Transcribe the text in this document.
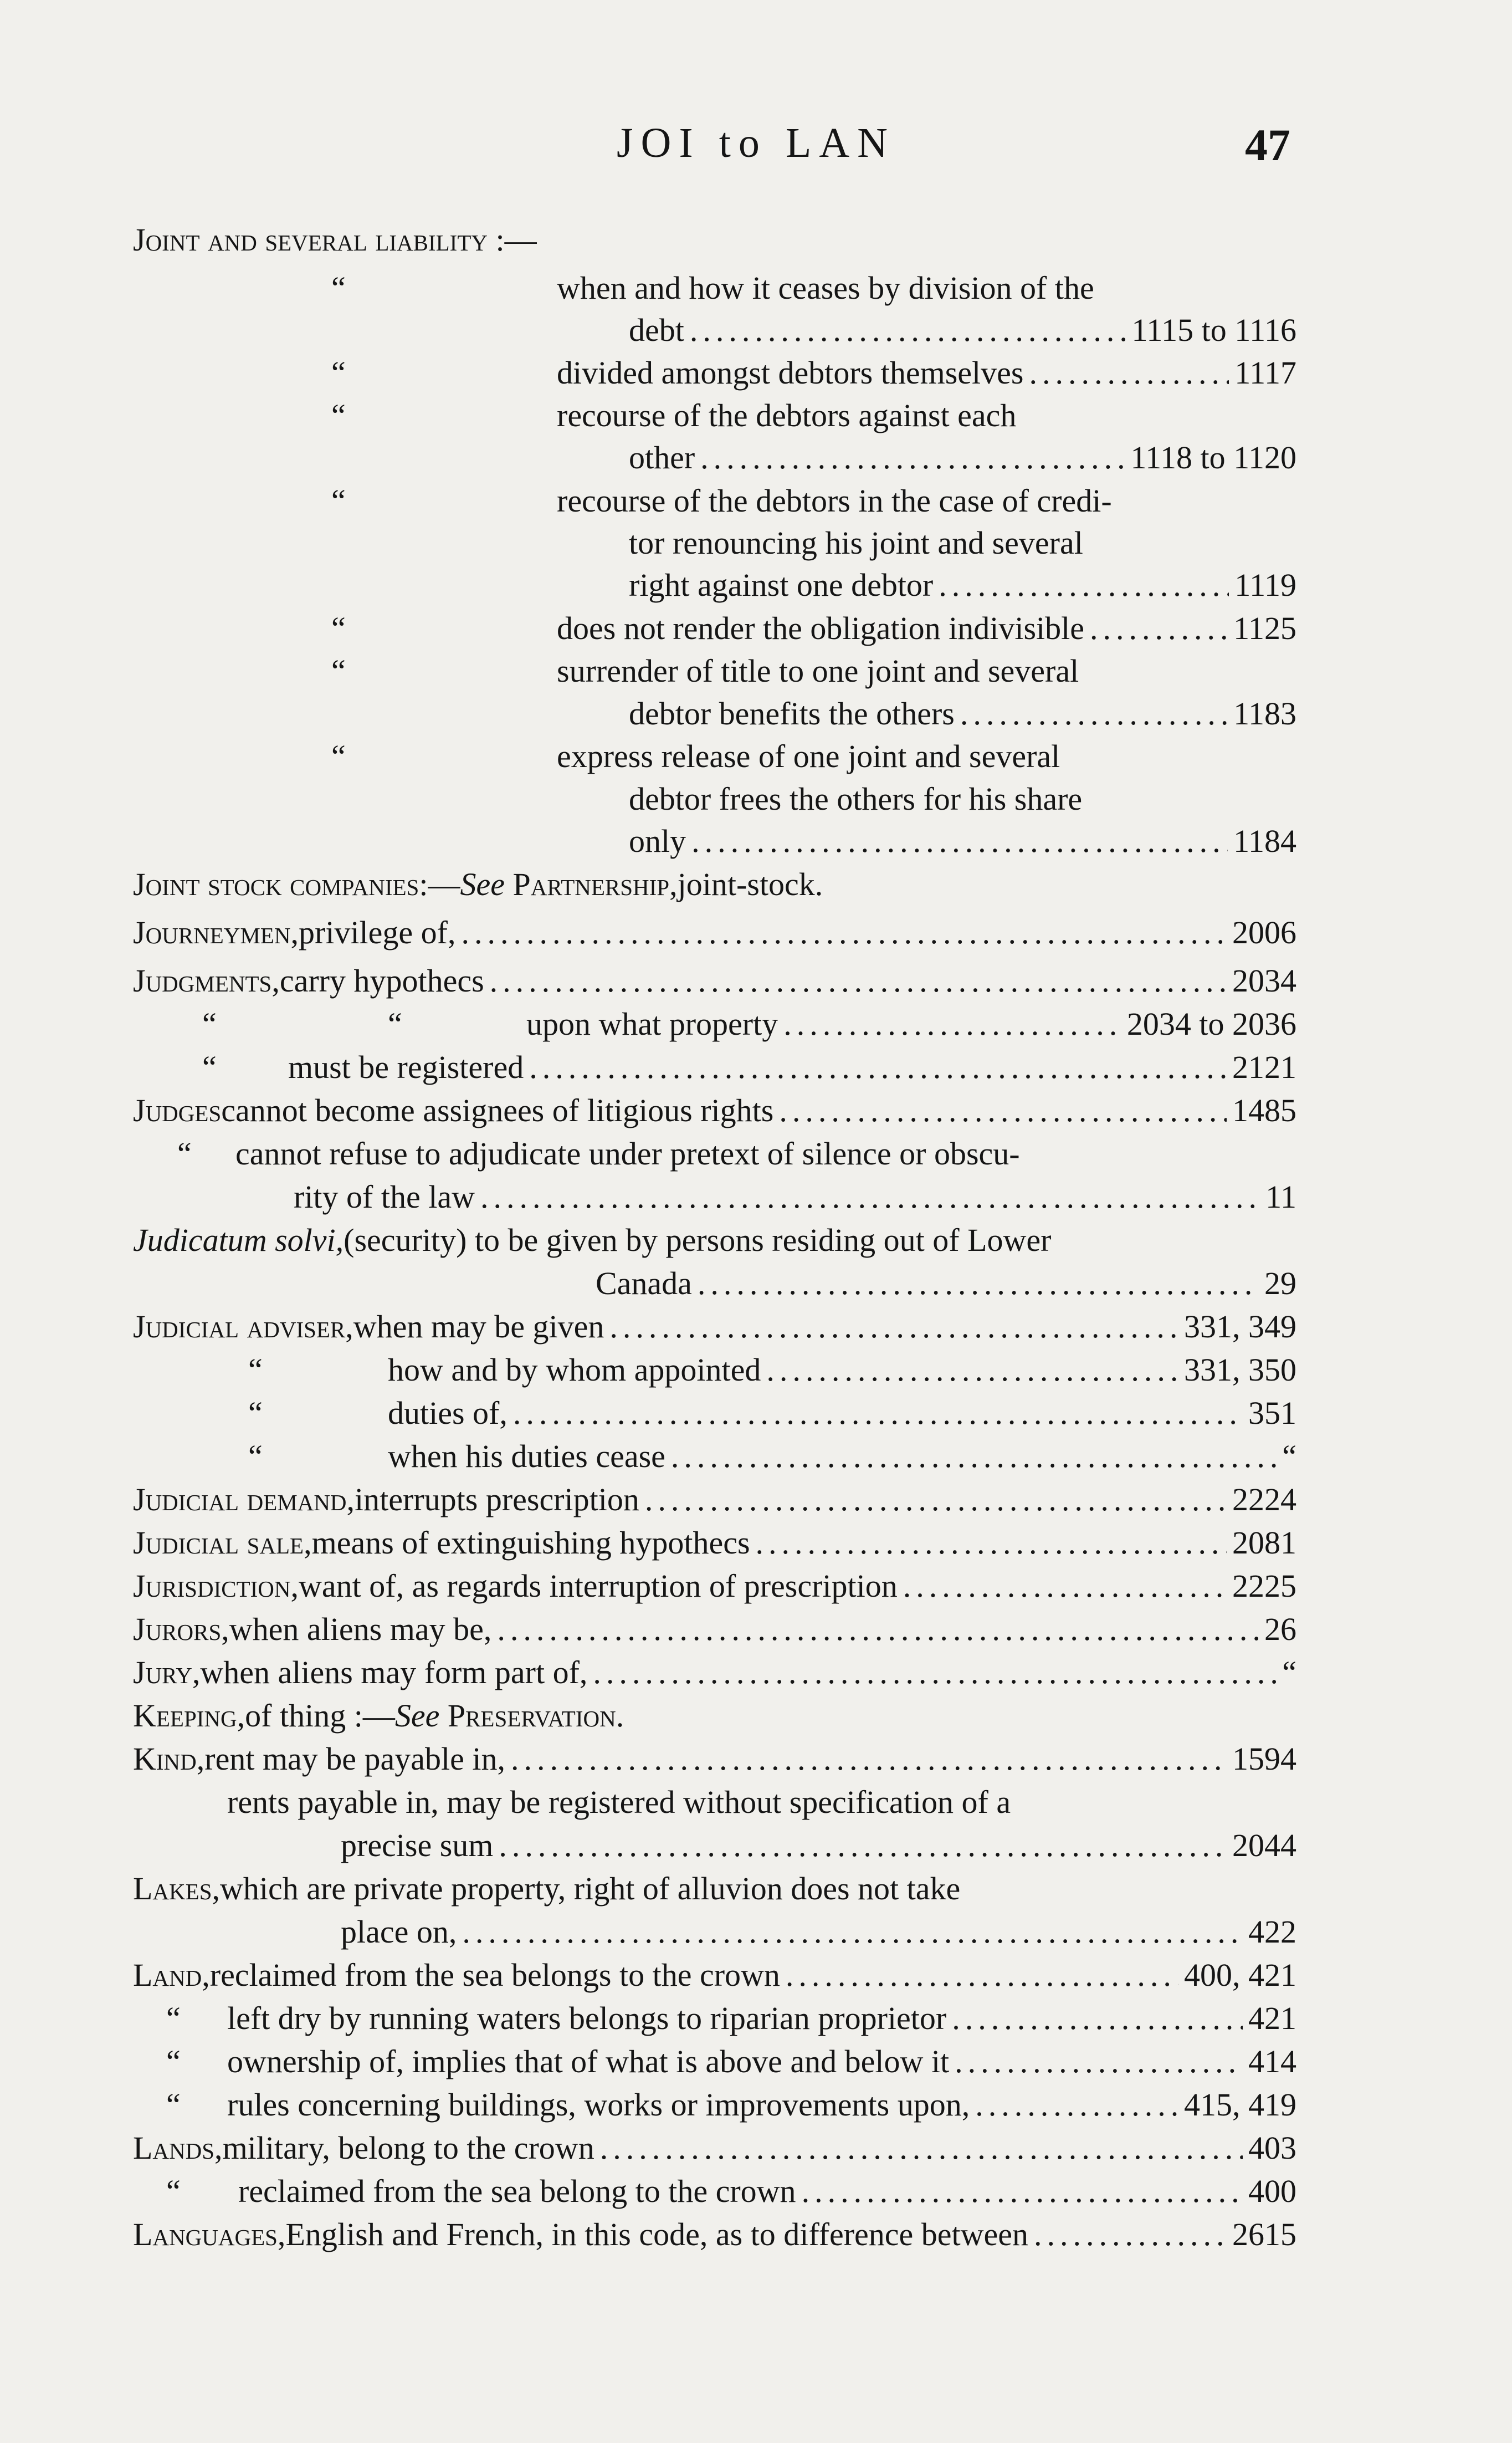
JOI to LAN	47
Joint and several liability :—
“	when and how it ceases by division of the
debt .....	1115 to 1116
“	divided amongst debtors themselves .....	1117
“	recourse of the debtors against each
other .....	1118 to 1120
“	recourse of the debtors in the case of credi-
tor renouncing his joint and several
right against one debtor .....	1119
“	does not render the obligation indivisible .....	1125
“	surrender of title to one joint and several
debtor benefits the others .....	1183
“	express release of one joint and several
debtor frees the others for his share
only .....	1184
Joint stock companies :— See
Partnership, joint-stock.
Journeymen, privilege of, .....	2006
Judgments, carry hypothecs .....	2034
“	“	upon what property .....	2034 to 2036
“ must be registered .....	2121
Judges cannot become assignees of litigious rights .....	1485
“ cannot refuse to adjudicate under pretext of silence or obscu-
rity of the law .....	11
Judicatum solvi, (security) to be given by persons residing out of Lower
Canada .....	29
Judicial adviser, when may be given .....	331, 349
“	how and by whom appointed .....	331, 350
“	duties of, .....	351
“	when his duties cease .....	“
Judicial demand, interrupts prescription .....	2224
Judicial sale, means of extinguishing hypothecs .....	2081
Jurisdiction, want of, as regards interruption of prescription .....	2225
Jurors, when aliens may be, .....	26
Jury, when aliens may form part of, .....	“
Keeping, of thing :— See
Preservation.
Kind, rent may be payable in, .....	1594
rents payable in, may be registered without specification of a
precise sum .....	2044
Lakes, which are private property, right of alluvion does not take
place on, .....	422
Land, reclaimed from the sea belongs to the crown .....	400, 421
“ left dry by running waters belongs to riparian proprietor .....	421
“ ownership of, implies that of what is above and below it .....	414
“ rules concerning buildings, works or improvements upon, .....	415, 419
Lands, military, belong to the crown .....	403
“ reclaimed from the sea belong to the crown .....	400
Languages, English and French, in this code, as to difference between .....	2615
